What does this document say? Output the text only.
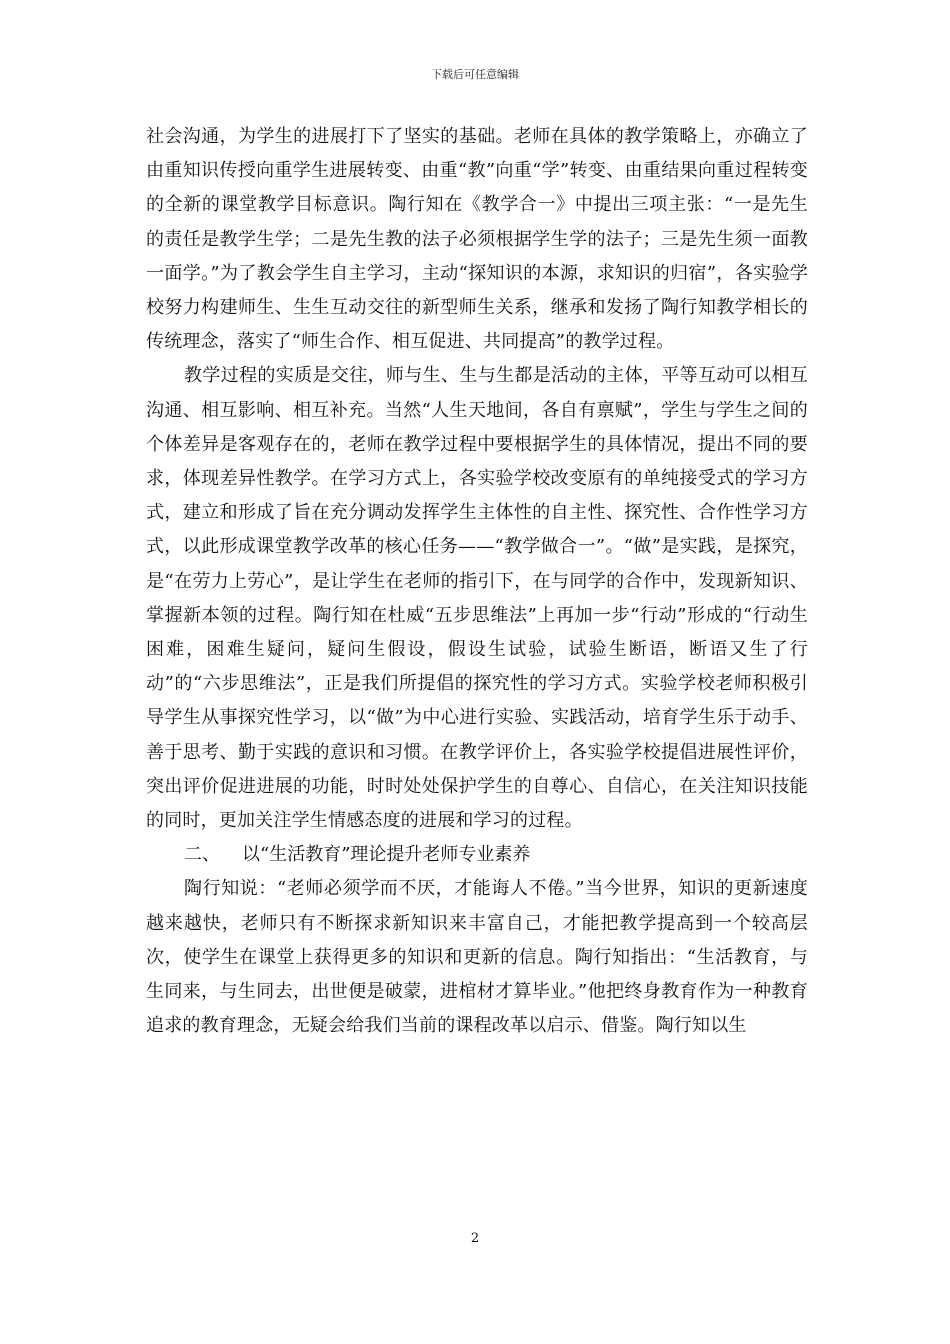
下载后可任意编辑

社会沟通，为学生的进展打下了坚实的基础。老师在具体的教学策略上，亦确立了由重知识传授向重学生进展转变、由重“教”向重“学”转变、由重结果向重过程转变的全新的课堂教学目标意识。陶行知在《教学合一》中提出三项主张：“一是先生的责任是教学生学；二是先生教的法子必须根据学生学的法子；三是先生须一面教一面学。”为了教会学生自主学习，主动“探知识的本源，求知识的归宿”，各实验学校努力构建师生、生生互动交往的新型师生关系，继承和发扬了陶行知教学相长的传统理念，落实了“师生合作、相互促进、共同提高”的教学过程。

教学过程的实质是交往，师与生、生与生都是活动的主体，平等互动可以相互沟通、相互影响、相互补充。当然“人生天地间，各自有禀赋”，学生与学生之间的个体差异是客观存在的，老师在教学过程中要根据学生的具体情况，提出不同的要求，体现差异性教学。在学习方式上，各实验学校改变原有的单纯接受式的学习方式，建立和形成了旨在充分调动发挥学生主体性的自主性、探究性、合作性学习方式，以此形成课堂教学改革的核心任务——“教学做合一”。“做”是实践，是探究，是“在劳力上劳心”，是让学生在老师的指引下，在与同学的合作中，发现新知识、掌握新本领的过程。陶行知在杜威“五步思维法”上再加一步“行动”形成的“行动生困难，困难生疑问，疑问生假设，假设生试验，试验生断语，断语又生了行动”的“六步思维法”，正是我们所提倡的探究性的学习方式。实验学校老师积极引导学生从事探究性学习，以“做”为中心进行实验、实践活动，培育学生乐于动手、善于思考、勤于实践的意识和习惯。在教学评价上，各实验学校提倡进展性评价，突出评价促进进展的功能，时时处处保护学生的自尊心、自信心，在关注知识技能的同时，更加关注学生情感态度的进展和学习的过程。

二、 以“生活教育”理论提升老师专业素养

陶行知说：“老师必须学而不厌，才能诲人不倦。”当今世界，知识的更新速度越来越快，老师只有不断探求新知识来丰富自己，才能把教学提高到一个较高层次，使学生在课堂上获得更多的知识和更新的信息。陶行知指出：“生活教育，与生同来，与生同去，出世便是破蒙，进棺材才算毕业。”他把终身教育作为一种教育追求的教育理念，无疑会给我们当前的课程改革以启示、借鉴。陶行知以生

2
